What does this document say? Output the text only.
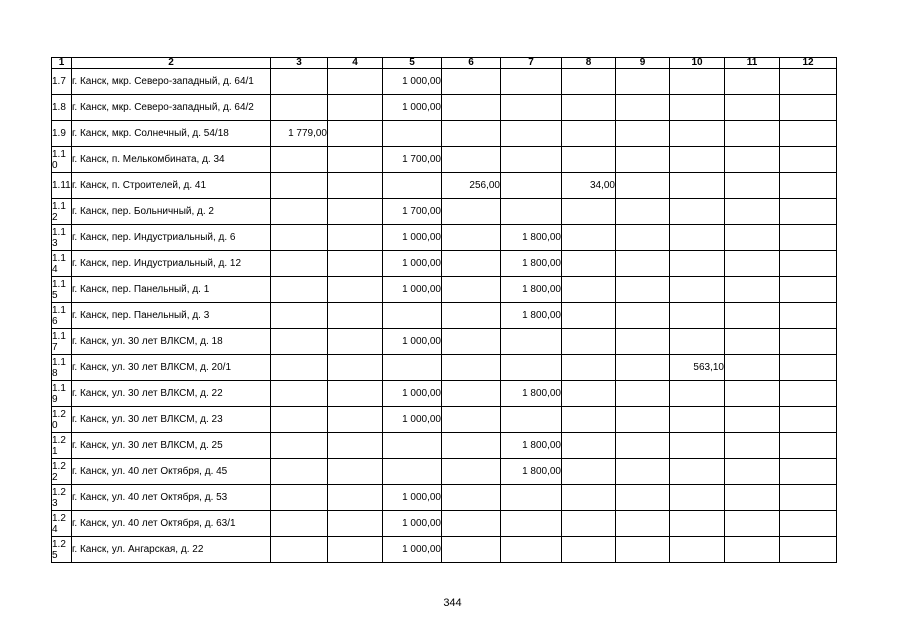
1	2	3	4	5	6	7	8	9	10	11	12
1.7	г. Канск, мкр. Северо-западный, д. 64/1			1 000,00							
1.8	г. Канск, мкр. Северо-западный, д. 64/2			1 000,00							
1.9	г. Канск, мкр. Солнечный, д. 54/18	1 779,00									
1.10	г. Канск, п. Мелькомбината, д. 34			1 700,00							
1.11	г. Канск, п. Строителей, д. 41				256,00		34,00				
1.12	г. Канск, пер. Больничный, д. 2			1 700,00							
1.13	г. Канск, пер. Индустриальный, д. 6			1 000,00		1 800,00					
1.14	г. Канск, пер. Индустриальный, д. 12			1 000,00		1 800,00					
1.15	г. Канск, пер. Панельный, д. 1			1 000,00		1 800,00					
1.16	г. Канск, пер. Панельный, д. 3					1 800,00					
1.17	г. Канск, ул. 30 лет ВЛКСМ, д. 18			1 000,00							
1.18	г. Канск, ул. 30 лет ВЛКСМ, д. 20/1								563,10		
1.19	г. Канск, ул. 30 лет ВЛКСМ, д. 22			1 000,00		1 800,00					
1.20	г. Канск, ул. 30 лет ВЛКСМ, д. 23			1 000,00							
1.21	г. Канск, ул. 30 лет ВЛКСМ, д. 25					1 800,00					
1.22	г. Канск, ул. 40 лет Октября, д. 45					1 800,00					
1.23	г. Канск, ул. 40 лет Октября, д. 53			1 000,00							
1.24	г. Канск, ул. 40 лет Октября, д. 63/1			1 000,00							
1.25	г. Канск, ул. Ангарская, д. 22			1 000,00							
344
